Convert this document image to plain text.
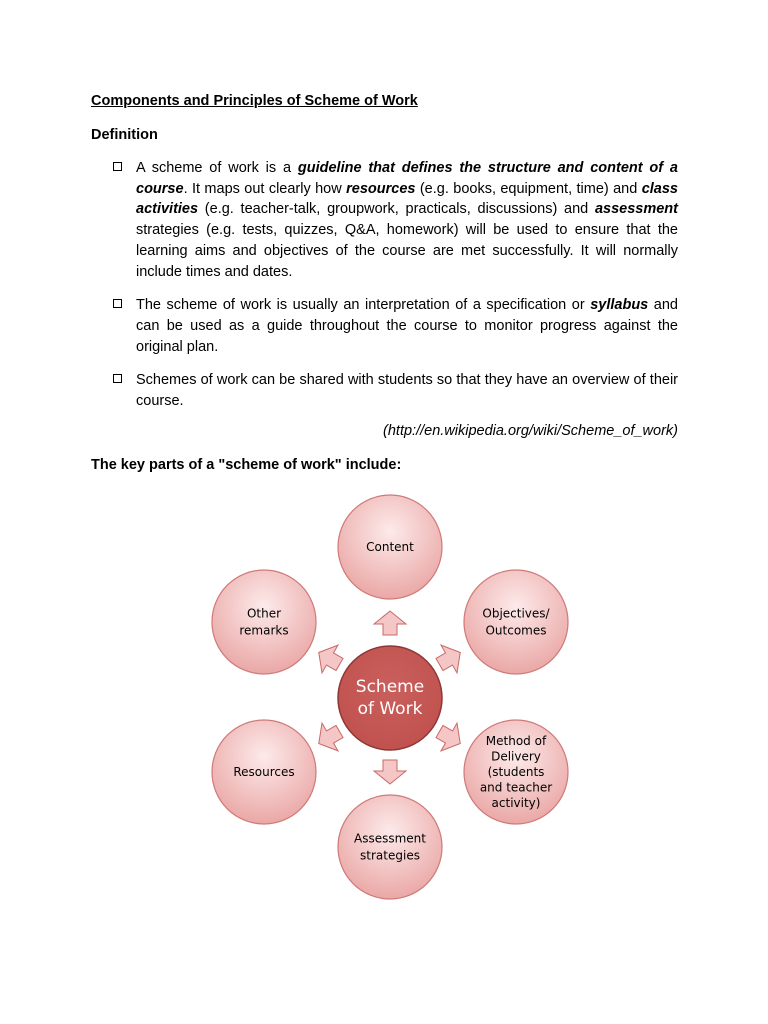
Components and Principles of Scheme of Work
Definition
A scheme of work is a guideline that defines the structure and content of a course. It maps out clearly how resources (e.g. books, equipment, time) and class activities (e.g. teacher-talk, groupwork, practicals, discussions) and assessment strategies (e.g. tests, quizzes, Q&A, homework) will be used to ensure that the learning aims and objectives of the course are met successfully. It will normally include times and dates.
The scheme of work is usually an interpretation of a specification or syllabus and can be used as a guide throughout the course to monitor progress against the original plan.
Schemes of work can be shared with students so that they have an overview of their course.

(http://en.wikipedia.org/wiki/Scheme_of_work)

The key parts of a "scheme of work" include:
Content
Objectives/
Outcomes
Method of
Delivery
(students
and teacher
activity)
Assessment
strategies
Resources
Other
remarks
Scheme
of Work
